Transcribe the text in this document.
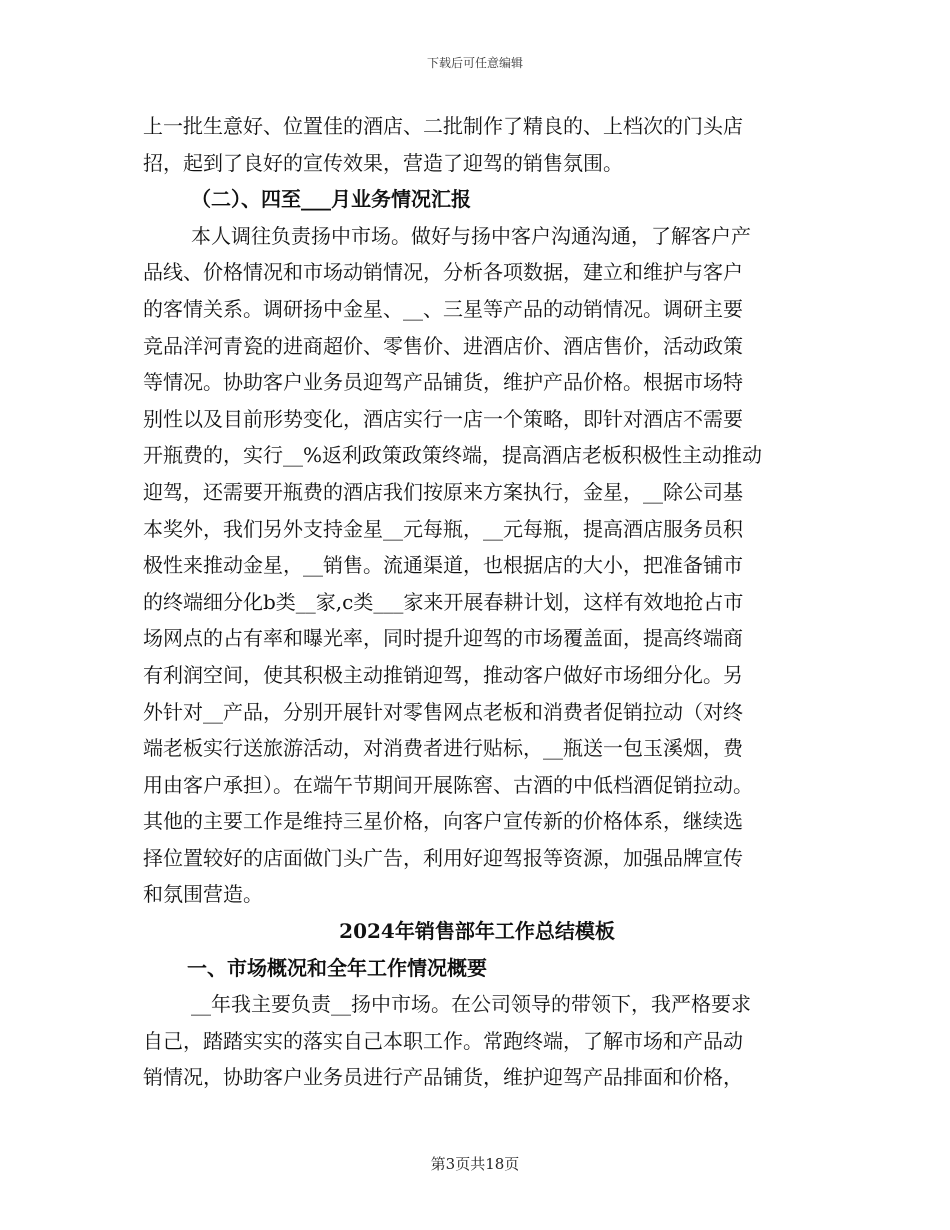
下载后可任意编辑
上一批生意好、位置佳的酒店、二批制作了精良的、上档次的门头店
招，起到了良好的宣传效果，营造了迎驾的销售氛围。
（二）、四至___月业务情况汇报
本人调往负责扬中市场。做好与扬中客户沟通沟通，了解客户产
品线、价格情况和市场动销情况，分析各项数据，建立和维护与客户
的客情关系。调研扬中金星、__、三星等产品的动销情况。调研主要
竞品洋河青瓷的进商超价、零售价、进酒店价、酒店售价，活动政策
等情况。协助客户业务员迎驾产品铺货，维护产品价格。根据市场特
别性以及目前形势变化，酒店实行一店一个策略，即针对酒店不需要
开瓶费的，实行__%返利政策政策终端，提高酒店老板积极性主动推动
迎驾，还需要开瓶费的酒店我们按原来方案执行，金星，__除公司基
本奖外，我们另外支持金星__元每瓶，__元每瓶，提高酒店服务员积
极性来推动金星，__销售。流通渠道，也根据店的大小，把准备铺市
的终端细分化b类__家,c类___家来开展春耕计划，这样有效地抢占市
场网点的占有率和曝光率，同时提升迎驾的市场覆盖面，提高终端商
有利润空间，使其积极主动推销迎驾，推动客户做好市场细分化。另
外针对__产品，分别开展针对零售网点老板和消费者促销拉动（对终
端老板实行送旅游活动，对消费者进行贴标，__瓶送一包玉溪烟，费
用由客户承担）。在端午节期间开展陈窖、古酒的中低档酒促销拉动。
其他的主要工作是维持三星价格，向客户宣传新的价格体系，继续选
择位置较好的店面做门头广告，利用好迎驾报等资源，加强品牌宣传
和氛围营造。
2024年销售部年工作总结模板
一、市场概况和全年工作情况概要
__年我主要负责__扬中市场。在公司领导的带领下，我严格要求
自己，踏踏实实的落实自己本职工作。常跑终端，了解市场和产品动
销情况，协助客户业务员进行产品铺货，维护迎驾产品排面和价格，
第3页共18页
